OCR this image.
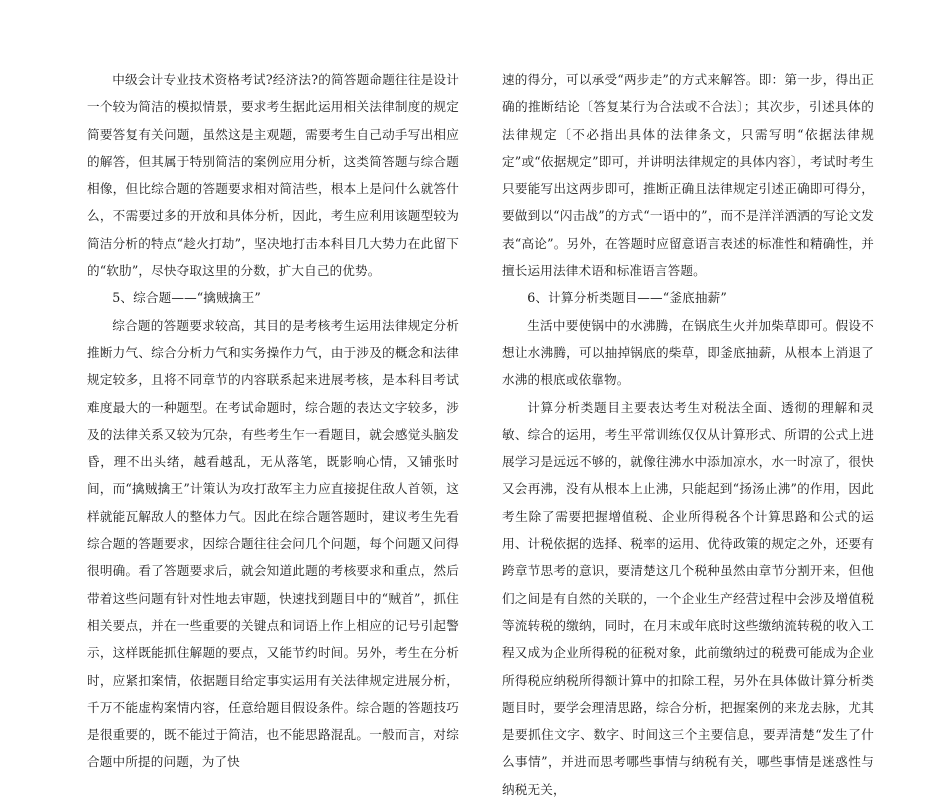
中级会计专业技术资格考试?经济法?的简答题命题往往是设计一个较为简洁的模拟情景，要求考生据此运用相关法律制度的规定简要答复有关问题，虽然这是主观题，需要考生自己动手写出相应的解答，但其属于特别简洁的案例应用分析，这类简答题与综合题相像，但比综合题的答题要求相对简洁些，根本上是问什么就答什么，不需要过多的开放和具体分析，因此，考生应利用该题型较为简洁分析的特点“趁火打劫”，坚决地打击本科目几大势力在此留下的“软肋”，尽快夺取这里的分数，扩大自己的优势。

5、综合题——“擒贼擒王”

综合题的答题要求较高，其目的是考核考生运用法律规定分析推断力气、综合分析力气和实务操作力气，由于涉及的概念和法律规定较多，且将不同章节的内容联系起来进展考核，是本科目考试难度最大的一种题型。在考试命题时，综合题的表达文字较多，涉及的法律关系又较为冗杂，有些考生乍一看题目，就会感觉头脑发昏，理不出头绪，越看越乱，无从落笔，既影响心情，又铺张时间，而“擒贼擒王”计策认为攻打敌军主力应直接捉住敌人首领，这样就能瓦解敌人的整体力气。因此在综合题答题时，建议考生先看综合题的答题要求，因综合题往往会问几个问题，每个问题又问得很明确。看了答题要求后，就会知道此题的考核要求和重点，然后带着这些问题有针对性地去审题，快速找到题目中的“贼首”，抓住相关要点，并在一些重要的关键点和词语上作上相应的记号引起警示，这样既能抓住解题的要点，又能节约时间。另外，考生在分析时，应紧扣案情，依据题目给定事实运用有关法律规定进展分析，千万不能虚构案情内容，任意给题目假设条件。综合题的答题技巧是很重要的，既不能过于简洁，也不能思路混乱。一般而言，对综合题中所提的问题，为了快

速的得分，可以承受“两步走”的方式来解答。即：第一步，得出正确的推断结论〔答复某行为合法或不合法〕；其次步，引述具体的法律规定〔不必指出具体的法律条文，只需写明“依据法律规定”或“依据规定”即可，并讲明法律规定的具体内容〕，考试时考生只要能写出这两步即可，推断正确且法律规定引述正确即可得分，要做到以“闪击战”的方式“一语中的”，而不是洋洋洒洒的写论文发表“高论”。另外，在答题时应留意语言表述的标准性和精确性，并擅长运用法律术语和标准语言答题。

6、计算分析类题目——“釜底抽薪”

生活中要使锅中的水沸腾，在锅底生火并加柴草即可。假设不想让水沸腾，可以抽掉锅底的柴草，即釜底抽薪，从根本上消退了水沸的根底或依靠物。

计算分析类题目主要表达考生对税法全面、透彻的理解和灵敏、综合的运用，考生平常训练仅仅从计算形式、所谓的公式上进展学习是远远不够的，就像往沸水中添加凉水，水一时凉了，很快又会再沸，没有从根本上止沸，只能起到“扬汤止沸”的作用，因此考生除了需要把握增值税、企业所得税各个计算思路和公式的运用、计税依据的选择、税率的运用、优待政策的规定之外，还要有跨章节思考的意识，要清楚这几个税种虽然由章节分割开来，但他们之间是有自然的关联的，一个企业生产经营过程中会涉及增值税等流转税的缴纳，同时，在月末或年底时这些缴纳流转税的收入工程又成为企业所得税的征税对象，此前缴纳过的税费可能成为企业所得税应纳税所得额计算中的扣除工程，另外在具体做计算分析类题目时，要学会理清思路，综合分析，把握案例的来龙去脉，尤其是要抓住文字、数字、时间这三个主要信息，要弄清楚“发生了什么事情”，并进而思考哪些事情与纳税有关，哪些事情是迷惑性与纳税无关，
